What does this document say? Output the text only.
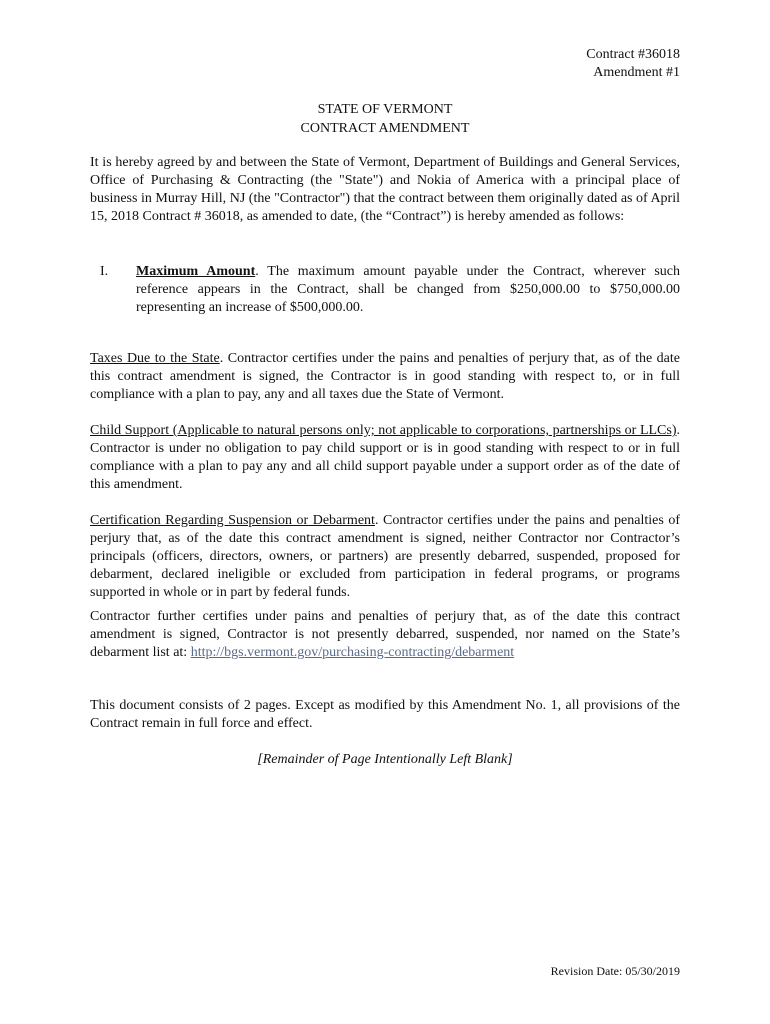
Contract #36018
Amendment #1
STATE OF VERMONT
CONTRACT AMENDMENT

It is hereby agreed by and between the State of Vermont, Department of Buildings and General Services, Office of Purchasing & Contracting (the "State") and Nokia of America with a principal place of business in Murray Hill, NJ (the "Contractor") that the contract between them originally dated as of April 15, 2018 Contract # 36018, as amended to date, (the “Contract”) is hereby amended as follows:

I. Maximum Amount. The maximum amount payable under the Contract, wherever such reference appears in the Contract, shall be changed from $250,000.00 to $750,000.00 representing an increase of $500,000.00.

Taxes Due to the State. Contractor certifies under the pains and penalties of perjury that, as of the date this contract amendment is signed, the Contractor is in good standing with respect to, or in full compliance with a plan to pay, any and all taxes due the State of Vermont.

Child Support (Applicable to natural persons only; not applicable to corporations, partnerships or LLCs). Contractor is under no obligation to pay child support or is in good standing with respect to or in full compliance with a plan to pay any and all child support payable under a support order as of the date of this amendment.

Certification Regarding Suspension or Debarment. Contractor certifies under the pains and penalties of perjury that, as of the date this contract amendment is signed, neither Contractor nor Contractor’s principals (officers, directors, owners, or partners) are presently debarred, suspended, proposed for debarment, declared ineligible or excluded from participation in federal programs, or programs supported in whole or in part by federal funds.

Contractor further certifies under pains and penalties of perjury that, as of the date this contract amendment is signed, Contractor is not presently debarred, suspended, nor named on the State’s debarment list at: http://bgs.vermont.gov/purchasing-contracting/debarment

This document consists of 2 pages. Except as modified by this Amendment No. 1, all provisions of the Contract remain in full force and effect.

[Remainder of Page Intentionally Left Blank]
Revision Date: 05/30/2019
